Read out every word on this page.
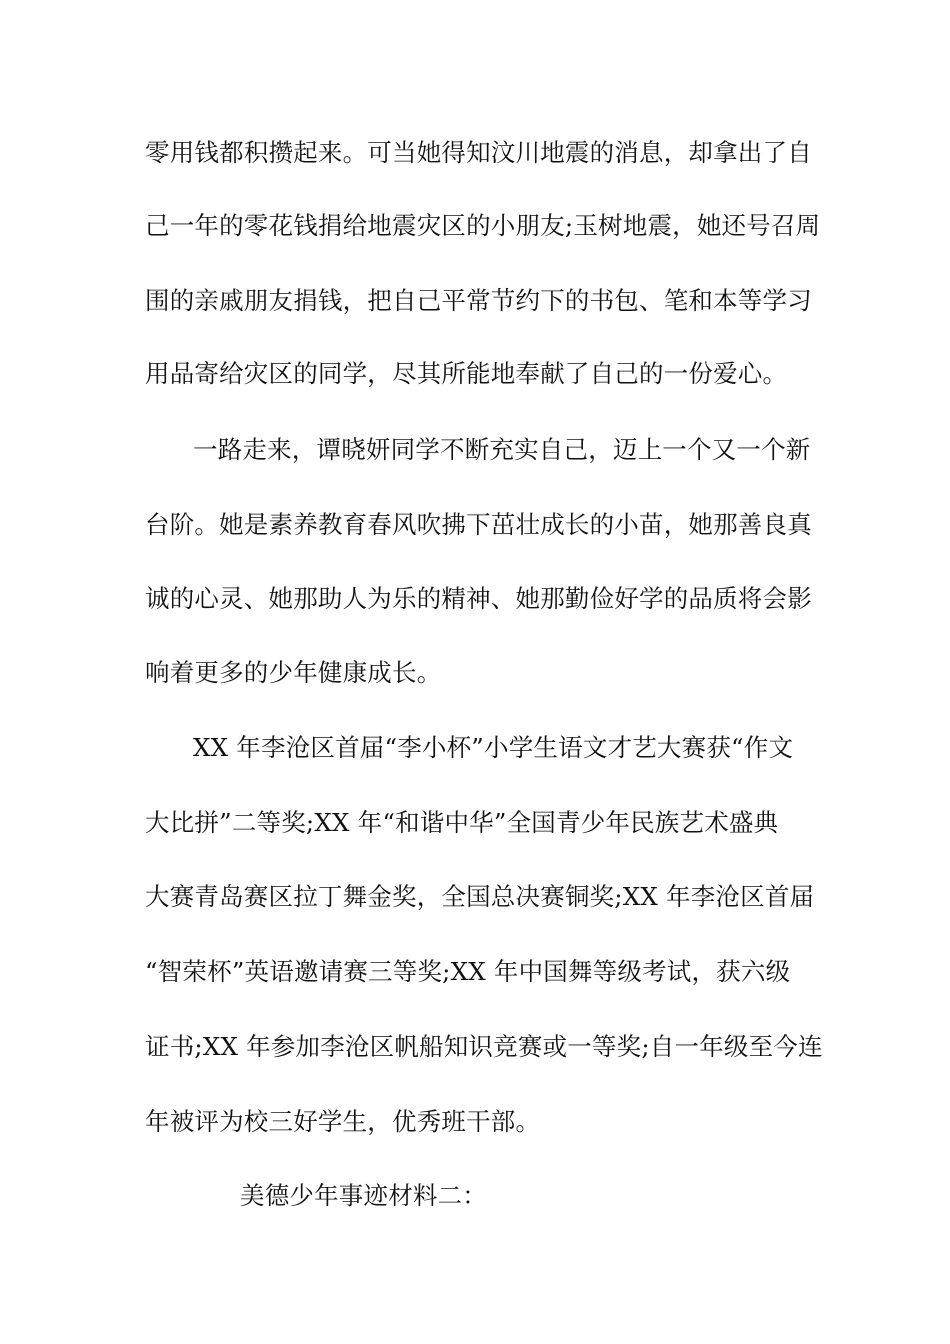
零用钱都积攒起来。可当她得知汶川地震的消息，却拿出了自
己一年的零花钱捐给地震灾区的小朋友;玉树地震，她还号召周
围的亲戚朋友捐钱，把自己平常节约下的书包、笔和本等学习
用品寄给灾区的同学，尽其所能地奉献了自己的一份爱心。
一路走来，谭晓妍同学不断充实自己，迈上一个又一个新
台阶。她是素养教育春风吹拂下茁壮成长的小苗，她那善良真
诚的心灵、她那助人为乐的精神、她那勤俭好学的品质将会影
响着更多的少年健康成长。
XX 年李沧区首届“李小杯”小学生语文才艺大赛获“作文
大比拼”二等奖;XX 年“和谐中华”全国青少年民族艺术盛典
大赛青岛赛区拉丁舞金奖，全国总决赛铜奖;XX 年李沧区首届
“智荣杯”英语邀请赛三等奖;XX 年中国舞等级考试，获六级
证书;XX 年参加李沧区帆船知识竞赛或一等奖;自一年级至今连
年被评为校三好学生，优秀班干部。
美德少年事迹材料二：
